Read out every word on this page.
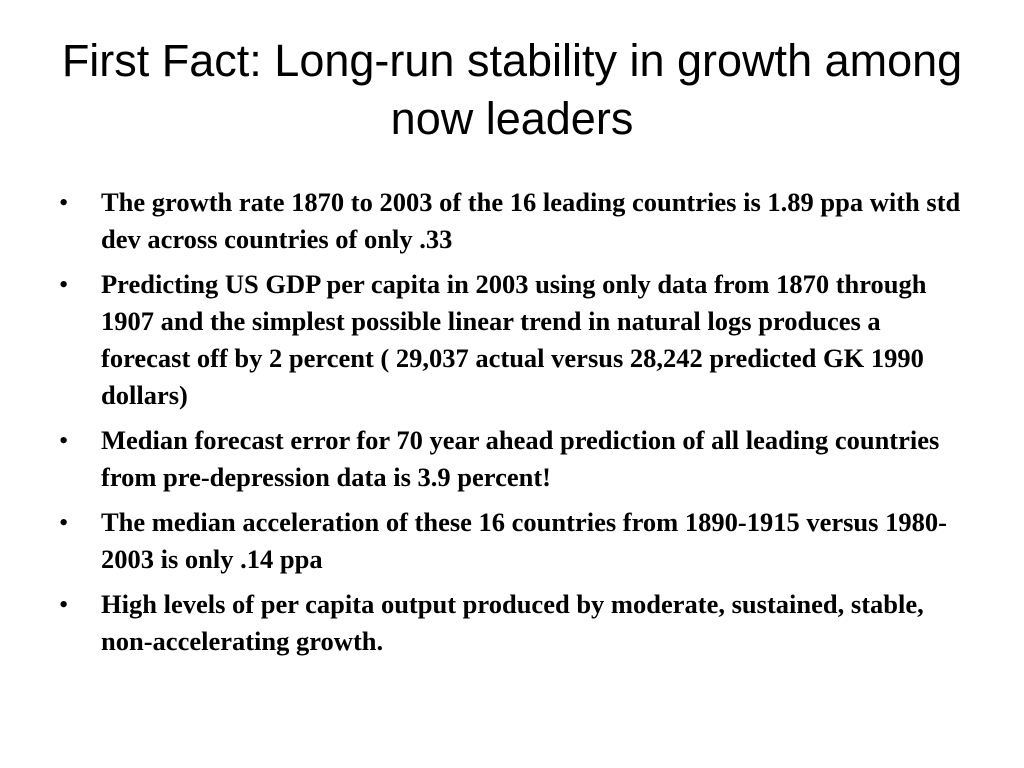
First Fact: Long-run stability in growth among now leaders
• The growth rate 1870 to 2003 of the 16 leading countries is 1.89 ppa with std dev across countries of only .33
• Predicting US GDP per capita in 2003 using only data from 1870 through 1907 and the simplest possible linear trend in natural logs produces a forecast off by 2 percent ( 29,037 actual versus 28,242 predicted GK 1990 dollars)
• Median forecast error for 70 year ahead prediction of all leading countries from pre-depression data is 3.9 percent!
• The median acceleration of these 16 countries from 1890-1915 versus 1980-2003 is only .14 ppa
• High levels of per capita output produced by moderate, sustained, stable, non-accelerating growth.
